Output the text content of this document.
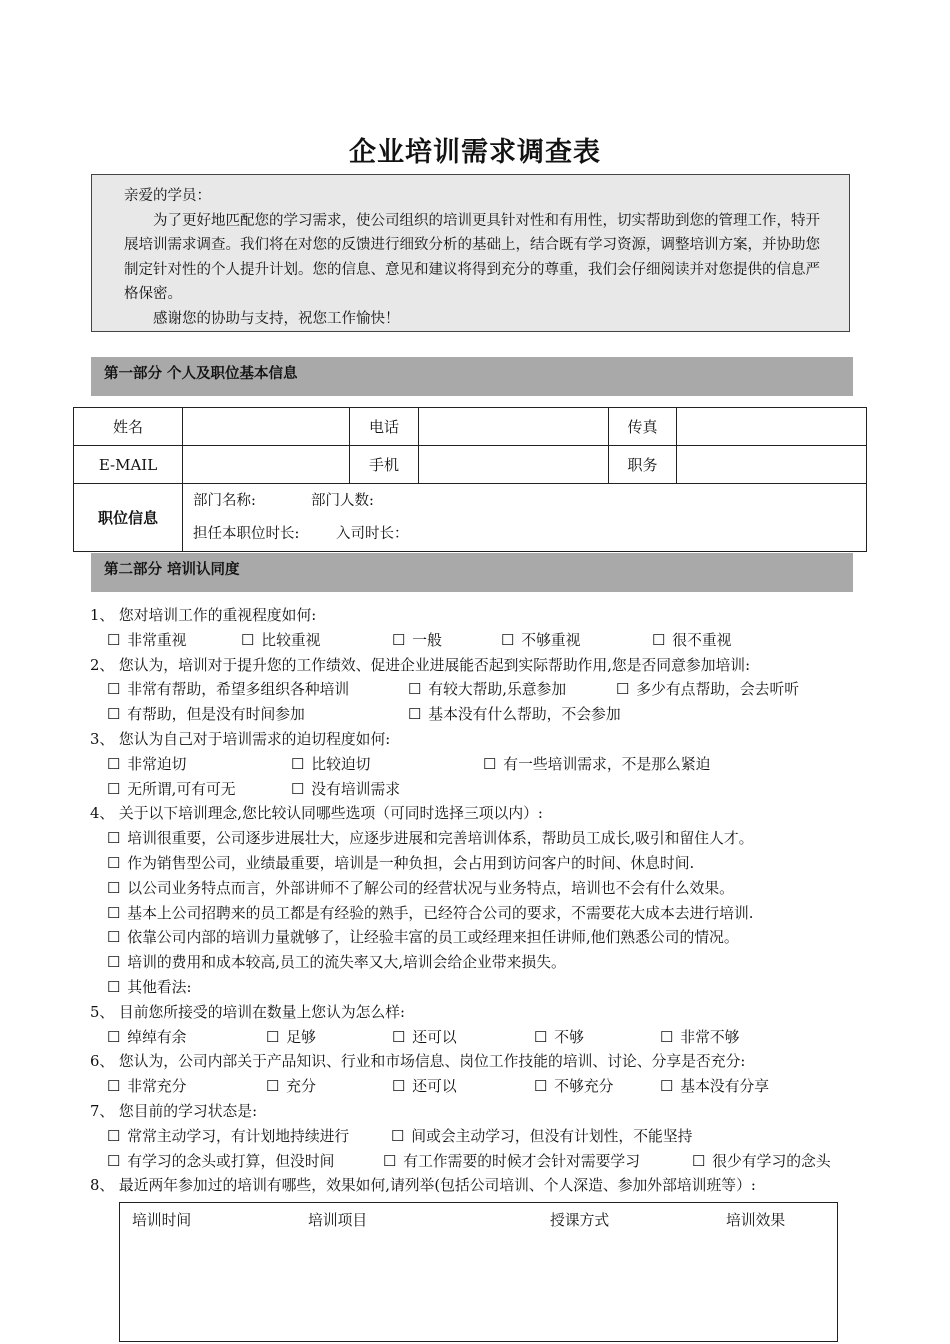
企业培训需求调查表

亲爱的学员：

为了更好地匹配您的学习需求，使公司组织的培训更具针对性和有用性，切实帮助到您的管理工作，特开展培训需求调查。我们将在对您的反馈进行细致分析的基础上，结合既有学习资源，调整培训方案，并协助您制定针对性的个人提升计划。您的信息、意见和建议将得到充分的尊重，我们会仔细阅读并对您提供的信息严格保密。

感谢您的协助与支持，祝您工作愉快！

第一部分 个人及职位基本信息
姓名		电话		传真	
E-MAIL		手机		职务	
职位信息	部门名称: 部门人数:
担任本职位时长: 入司时长：				
第二部分 培训认同度
1、 您对培训工作的重视程度如何:
☐ 非常重视	☐ 比较重视	☐ 一般	☐ 不够重视	☐ 很不重视
2、 您认为，培训对于提升您的工作绩效、促进企业进展能否起到实际帮助作用,您是否同意参加培训:
☐ 非常有帮助，希望多组织各种培训	☐ 有较大帮助,乐意参加	☐ 多少有点帮助，会去听听
☐ 有帮助，但是没有时间参加	☐ 基本没有什么帮助，不会参加
3、 您认为自己对于培训需求的迫切程度如何:
☐ 非常迫切	☐ 比较迫切	☐ 有一些培训需求，不是那么紧迫
☐ 无所谓,可有可无	☐ 没有培训需求
4、 关于以下培训理念,您比较认同哪些选项（可同时选择三项以内）:
☐ 培训很重要，公司逐步进展壮大，应逐步进展和完善培训体系，帮助员工成长,吸引和留住人才。
☐ 作为销售型公司，业绩最重要，培训是一种负担，会占用到访问客户的时间、休息时间.
☐ 以公司业务特点而言，外部讲师不了解公司的经营状况与业务特点，培训也不会有什么效果。
☐ 基本上公司招聘来的员工都是有经验的熟手，已经符合公司的要求，不需要花大成本去进行培训.
☐ 依靠公司内部的培训力量就够了，让经验丰富的员工或经理来担任讲师,他们熟悉公司的情况。
☐ 培训的费用和成本较高,员工的流失率又大,培训会给企业带来损失。
☐ 其他看法:
5、 目前您所接受的培训在数量上您认为怎么样:
☐ 绰绰有余	☐ 足够	☐ 还可以	☐ 不够	☐ 非常不够
6、 您认为，公司内部关于产品知识、行业和市场信息、岗位工作技能的培训、讨论、分享是否充分:
☐ 非常充分	☐ 充分	☐ 还可以	☐ 不够充分	☐ 基本没有分享
7、 您目前的学习状态是:
☐ 常常主动学习，有计划地持续进行	☐ 间或会主动学习，但没有计划性，不能坚持
☐ 有学习的念头或打算，但没时间	☐ 有工作需要的时候才会针对需要学习	☐ 很少有学习的念头
8、 最近两年参加过的培训有哪些，效果如何,请列举(包括公司培训、个人深造、参加外部培训班等）:
培训时间	培训项目	授课方式	培训效果
